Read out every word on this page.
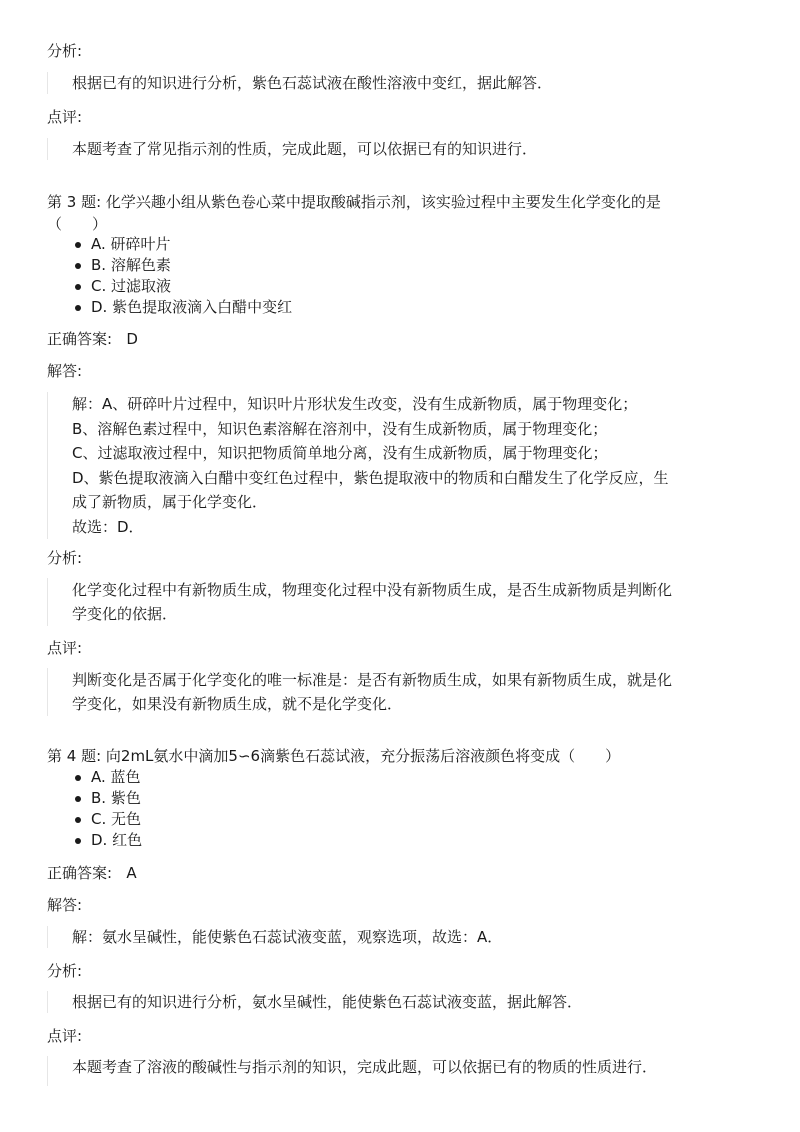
分析:

根据已有的知识进行分析，紫色石蕊试液在酸性溶液中变红，据此解答．

点评:

本题考查了常见指示剂的性质，完成此题，可以依据已有的知识进行．

第 3 题: 化学兴趣小组从紫色卷心菜中提取酸碱指示剂，该实验过程中主要发生化学变化的是
（　　）
A. 研碎叶片
B. 溶解色素
C. 过滤取液
D. 紫色提取液滴入白醋中变红
正确答案: D
解答:

解：A、研碎叶片过程中，知识叶片形状发生改变，没有生成新物质，属于物理变化；

B、溶解色素过程中，知识色素溶解在溶剂中，没有生成新物质，属于物理变化；

C、过滤取液过程中，知识把物质简单地分离，没有生成新物质，属于物理变化；

D、紫色提取液滴入白醋中变红色过程中，紫色提取液中的物质和白醋发生了化学反应，生

成了新物质，属于化学变化．

故选：D．

分析:

化学变化过程中有新物质生成，物理变化过程中没有新物质生成，是否生成新物质是判断化

学变化的依据．

点评:

判断变化是否属于化学变化的唯一标准是：是否有新物质生成，如果有新物质生成，就是化

学变化，如果没有新物质生成，就不是化学变化．

第 4 题: 向2mL氨水中滴加5∽6滴紫色石蕊试液，充分振荡后溶液颜色将变成（　　）
A. 蓝色
B. 紫色
C. 无色
D. 红色
正确答案: A
解答:

解：氨水呈碱性，能使紫色石蕊试液变蓝，观察选项，故选：A．

分析:

根据已有的知识进行分析，氨水呈碱性，能使紫色石蕊试液变蓝，据此解答．

点评:

本题考查了溶液的酸碱性与指示剂的知识，完成此题，可以依据已有的物质的性质进行．
